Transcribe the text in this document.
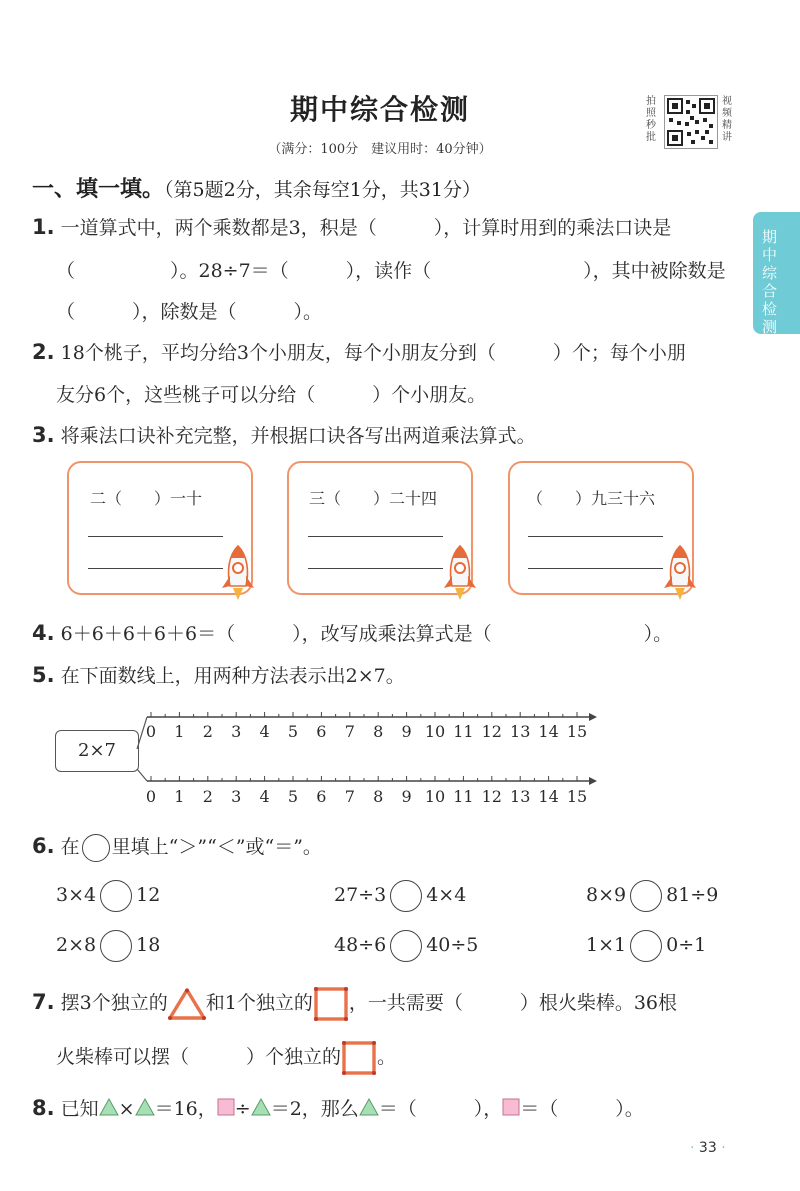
期中综合检测
（满分：100分　建议用时：40分钟）
拍照秒批
视频精讲
期中综合检测
一、填一填。（第5题2分，其余每空1分，共31分）
1. 一道算式中，两个乘数都是3，积是（　　　），计算时用到的乘法口诀是
（　　　　　）。28÷7＝（　　　），读作（　　　　　　　　），其中被除数是
（　　　），除数是（　　　）。
2. 18个桃子，平均分给3个小朋友，每个小朋友分到（　　　）个；每个小朋
友分6个，这些桃子可以分给（　　　）个小朋友。
3. 将乘法口诀补充完整，并根据口诀各写出两道乘法算式。
二（　　）一十	三（　　）二十四	（　　）九三十六
4. 6＋6＋6＋6＋6＝（　　　），改写成乘法算式是（　　　　　　　　）。
5. 在下面数线上，用两种方法表示出2×7。
2×7
0 1 2 3 4 5 6 7 8 9 10 11 12 13 14 15
0 1 2 3 4 5 6 7 8 9 10 11 12 13 14 15
6. 在 里填上“＞”“＜”或“＝”。
3×4 12	27÷3 4×4	8×9 81÷9
2×8 18	48÷6 40÷5	1×1 0÷1
7. 摆3个独立的 和1个独立的 ，一共需要（　　　）根火柴棒。36根
火柴棒可以摆（　　　）个独立的 。
8. 已知 × ＝16， ÷ ＝2，那么 ＝（　　　）， ＝（　　　）。
· 33 ·
